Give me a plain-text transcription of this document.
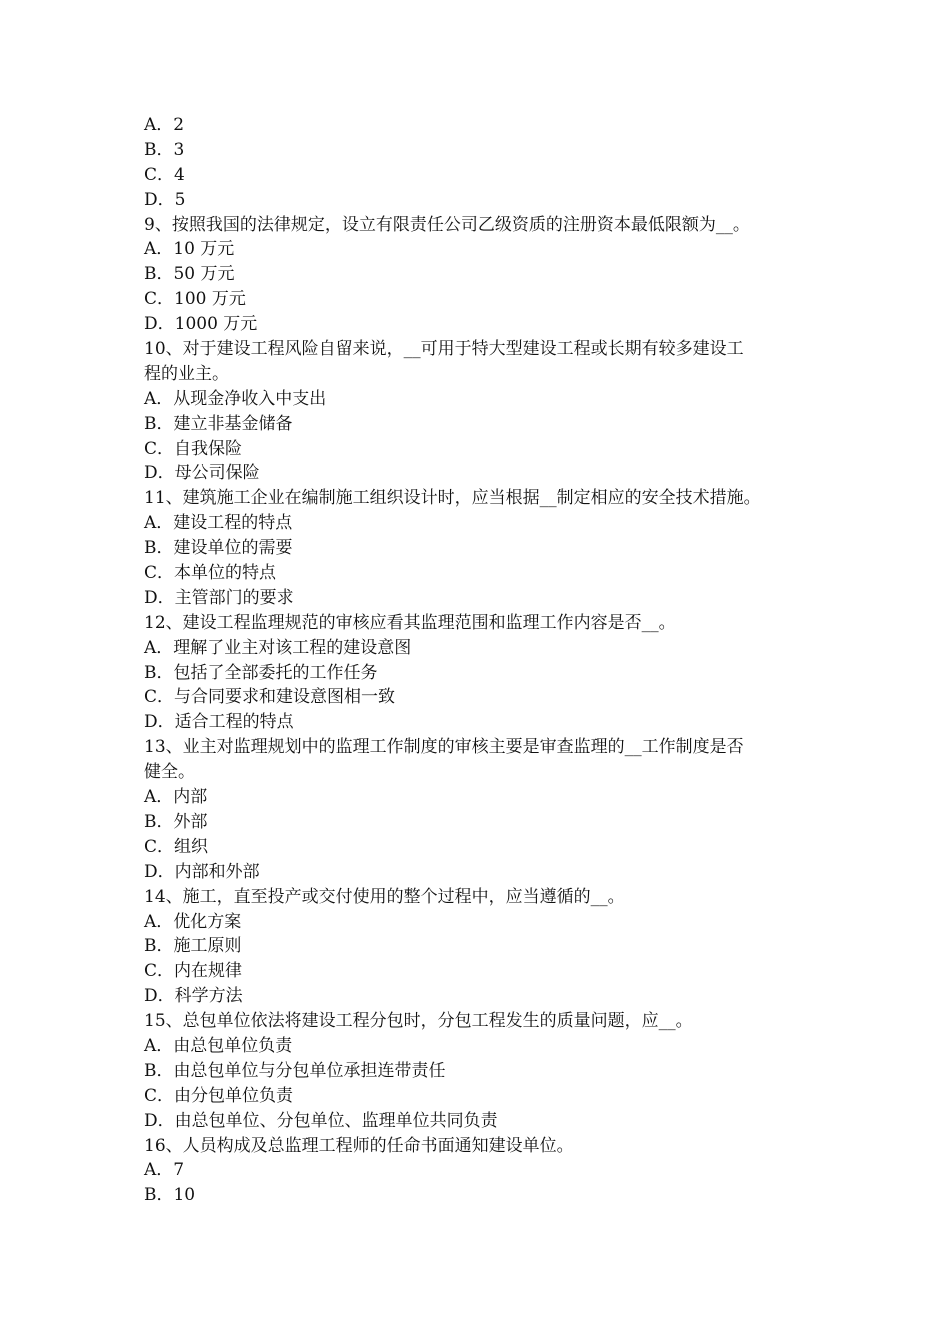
A．2
B．3
C．4
D．5
9、按照我国的法律规定，设立有限责任公司乙级资质的注册资本最低限额为__。
A．10 万元
B．50 万元
C．100 万元
D．1000 万元
10、对于建设工程风险自留来说，__可用于特大型建设工程或长期有较多建设工
程的业主。
A．从现金净收入中支出
B．建立非基金储备
C．自我保险
D．母公司保险
11、建筑施工企业在编制施工组织设计时，应当根据__制定相应的安全技术措施。
A．建设工程的特点
B．建设单位的需要
C．本单位的特点
D．主管部门的要求
12、建设工程监理规范的审核应看其监理范围和监理工作内容是否__。
A．理解了业主对该工程的建设意图
B．包括了全部委托的工作任务
C．与合同要求和建设意图相一致
D．适合工程的特点
13、业主对监理规划中的监理工作制度的审核主要是审查监理的__工作制度是否
健全。
A．内部
B．外部
C．组织
D．内部和外部
14、施工，直至投产或交付使用的整个过程中，应当遵循的__。
A．优化方案
B．施工原则
C．内在规律
D．科学方法
15、总包单位依法将建设工程分包时，分包工程发生的质量问题，应__。
A．由总包单位负责
B．由总包单位与分包单位承担连带责任
C．由分包单位负责
D．由总包单位、分包单位、监理单位共同负责
16、人员构成及总监理工程师的任命书面通知建设单位。
A．7
B．10
